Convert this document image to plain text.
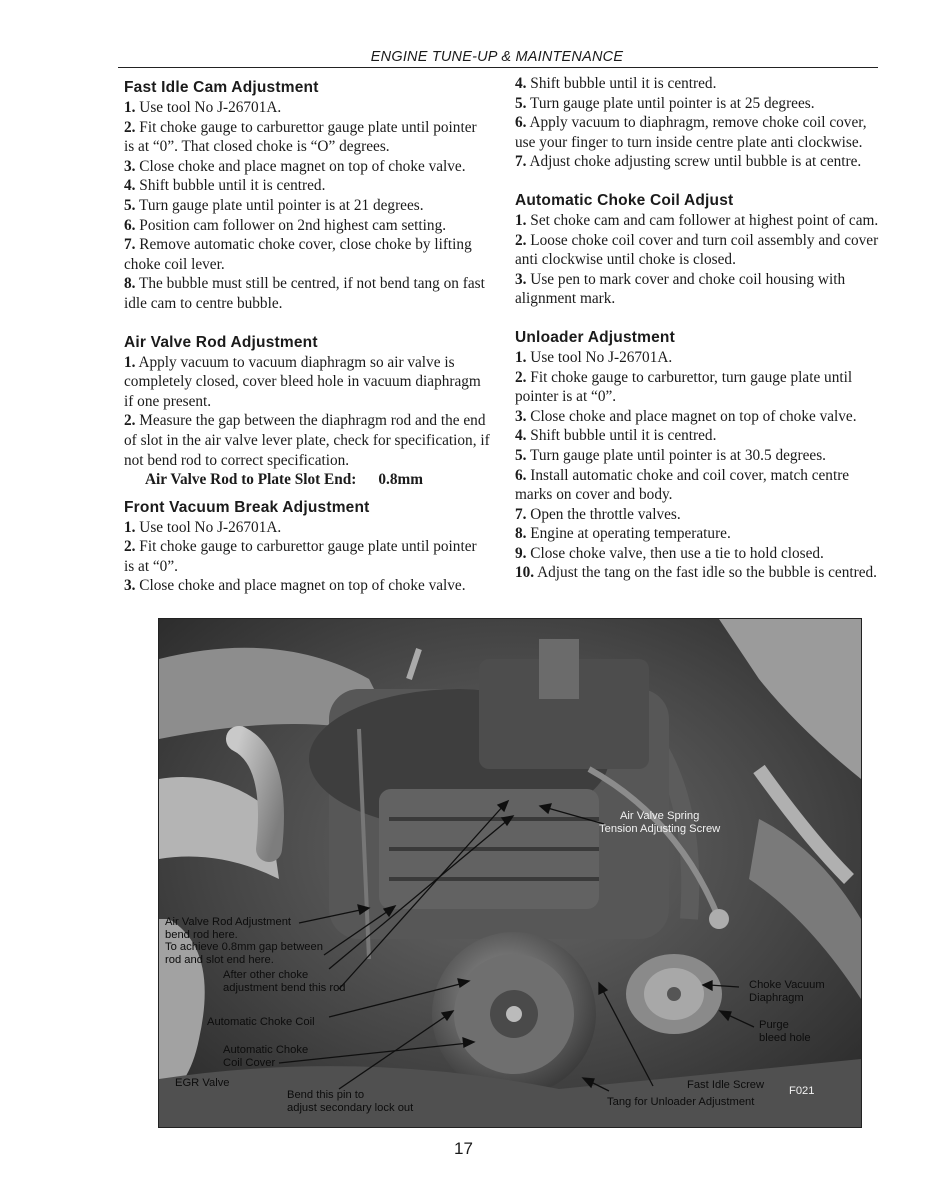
ENGINE TUNE-UP & MAINTENANCE
Fast Idle Cam Adjustment
1. Use tool No J-26701A.
2. Fit choke gauge to carburettor gauge plate until pointer is at “0”. That closed choke is “O” degrees.
3. Close choke and place magnet on top of choke valve.
4. Shift bubble until it is centred.
5. Turn gauge plate until pointer is at 21 degrees.
6. Position cam follower on 2nd highest cam setting.
7. Remove automatic choke cover, close choke by lifting choke coil lever.
8. The bubble must still be centred, if not bend tang on fast idle cam to centre bubble.
Air Valve Rod Adjustment
1. Apply vacuum to vacuum diaphragm so air valve is completely closed, cover bleed hole in vacuum diaphragm if one present.
2. Measure the gap between the diaphragm rod and the end of slot in the air valve lever plate, check for specification, if not bend rod to correct specification.
Air Valve Rod to Plate Slot End: 0.8mm
Front Vacuum Break Adjustment
1. Use tool No J-26701A.
2. Fit choke gauge to carburettor gauge plate until pointer is at “0”.
3. Close choke and place magnet on top of choke valve.
4. Shift bubble until it is centred.
5. Turn gauge plate until pointer is at 25 degrees.
6. Apply vacuum to diaphragm, remove choke coil cover, use your finger to turn inside centre plate anti clockwise.
7. Adjust choke adjusting screw until bubble is at centre.
Automatic Choke Coil Adjust
1. Set choke cam and cam follower at highest point of cam.
2. Loose choke coil cover and turn coil assembly and cover anti clockwise until choke is closed.
3. Use pen to mark cover and choke coil housing with alignment mark.
Unloader Adjustment
1. Use tool No J-26701A.
2. Fit choke gauge to carburettor, turn gauge plate until pointer is at “0”.
3. Close choke and place magnet on top of choke valve.
4. Shift bubble until it is centred.
5. Turn gauge plate until pointer is at 30.5 degrees.
6. Install automatic choke and coil cover, match centre marks on cover and body.
7. Open the throttle valves.
8. Engine at operating temperature.
9. Close choke valve, then use a tie to hold closed.
10. Adjust the tang on the fast idle so the bubble is centred.
Air Valve Spring
Tension Adjusting Screw
Air Valve Rod Adjustment
bend rod here.
To achieve 0.8mm gap between
rod and slot end here.
After other choke
adjustment bend this rod
Automatic Choke Coil
Automatic Choke
Coil Cover
EGR Valve
Bend this pin to
adjust secondary lock out
Fast Idle Screw
Tang for Unloader Adjustment
F021
Choke Vacuum
Diaphragm
Purge
bleed hole
17
